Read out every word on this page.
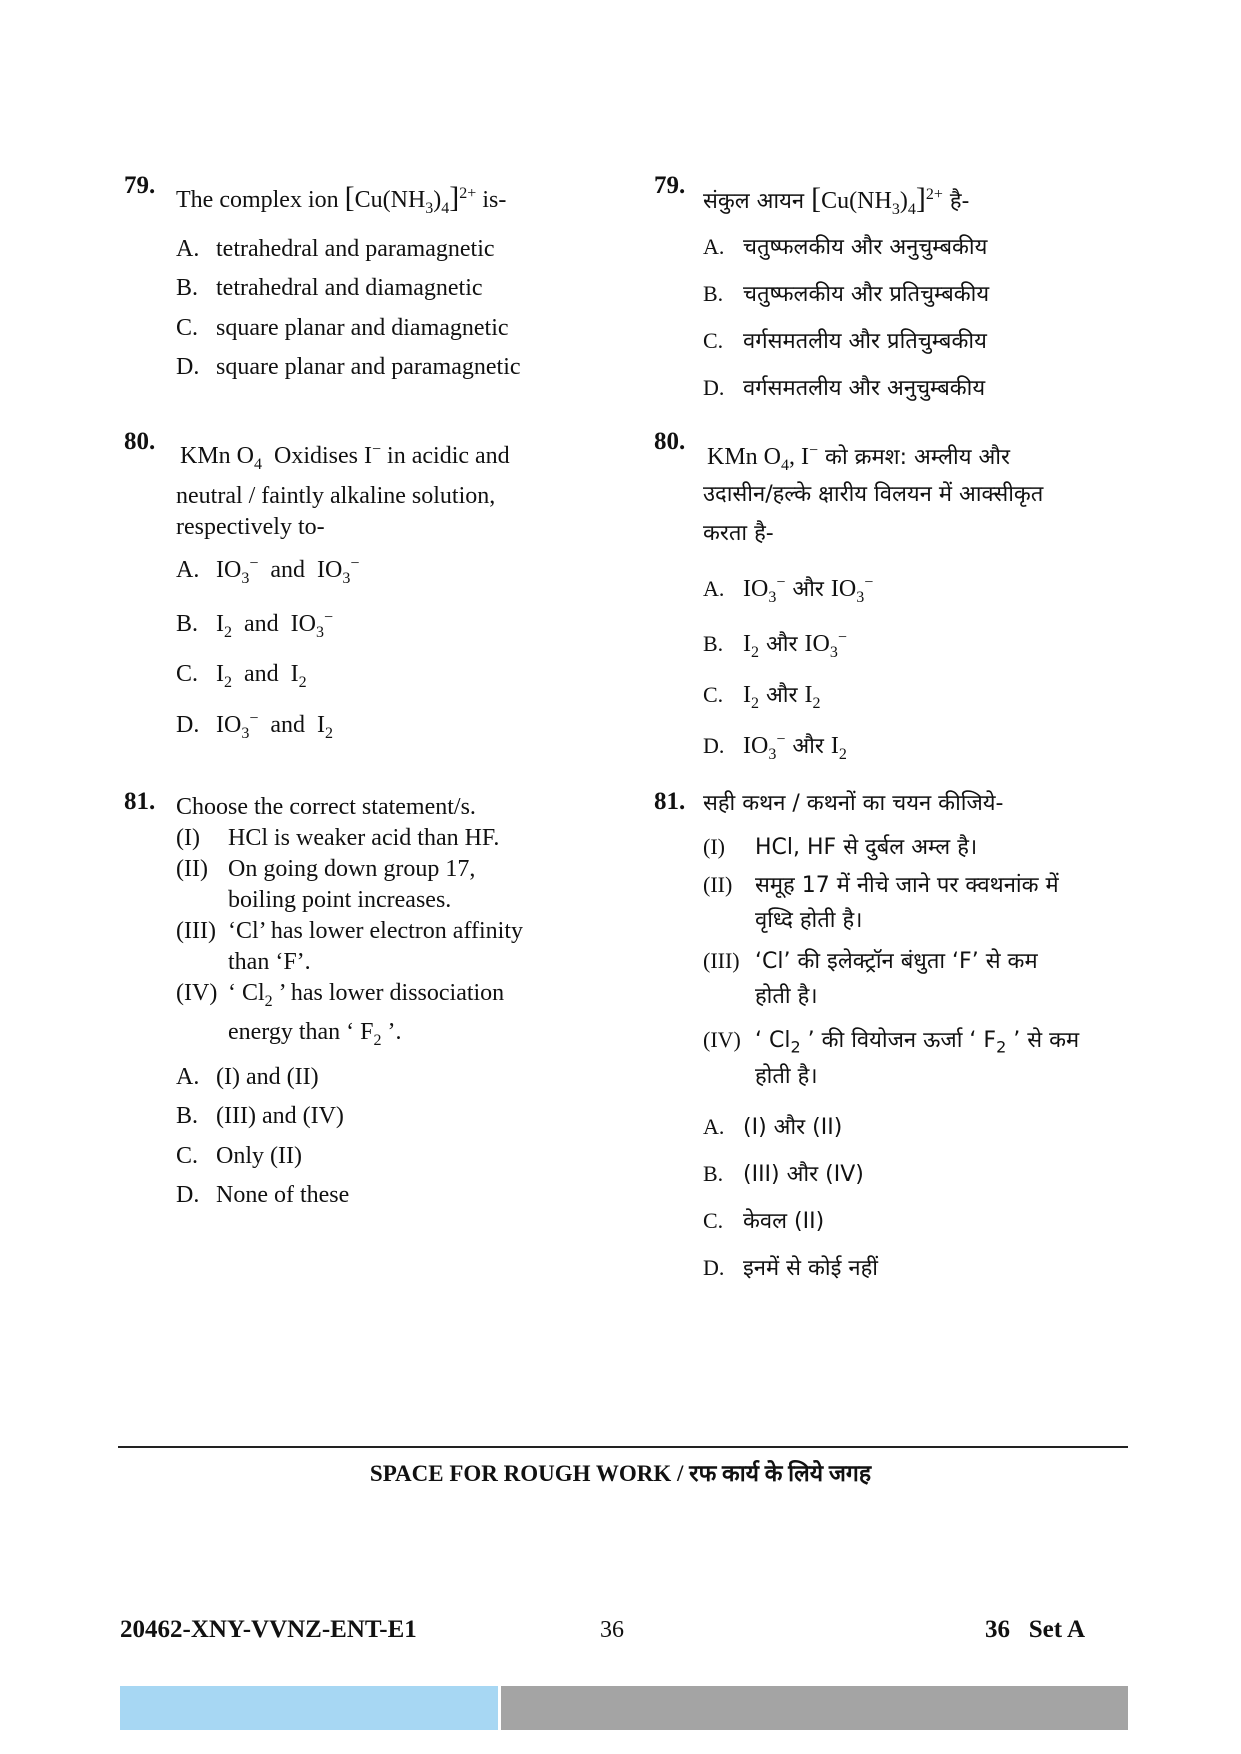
79.
The complex ion $[Cu(NH_3)_4]^{2+}$ is-
A. tetrahedral and paramagnetic
B. tetrahedral and diamagnetic
C. square planar and diamagnetic
D. square planar and paramagnetic
80.
KMn $O_4$  Oxidises I− in acidic and
neutral / faintly alkaline solution,
respectively to-
A. $IO_3^-$ and  $IO_3^-$
B. $I_2$ and  $IO_3^-$
C. $I_2$ and  $I_2$
D. $IO_3^-$ and  $I_2$
81. Choose the correct statement/s.
(I) HCl is weaker acid than HF.
(II) On going down group 17,
boiling point increases.
(III) ‘Cl’ has lower electron affinity
than ‘F’.
(IV) ‘ $Cl_2$ ’ has lower dissociation
energy than ‘ $F_2$ ’.
A. (I) and (II)
B. (III) and (IV)
C. Only (II)
D. None of these
79.
संकुल आयन $[Cu(NH_3)_4]^{2+}$ है-
A. चतुष्फलकीय और अनुचुम्बकीय
B. चतुष्फलकीय और प्रतिचुम्बकीय
C. वर्गसमतलीय और प्रतिचुम्बकीय
D. वर्गसमतलीय और अनुचुम्बकीय
80.
KMn $O_4$, I− को क्रमश: अम्लीय और
उदासीन/हल्के क्षारीय विलयन में आक्सीकृत
करता है-
A. $IO_3^-$ और $IO_3^-$
B. $I_2$ और $IO_3^-$
C. $I_2$ और $I_2$
D. $IO_3^-$ और $I_2$
81. सही कथन / कथनों का चयन कीजिये-
(I) HCl, HF से दुर्बल अम्ल है।
(II) समूह 17 में नीचे जाने पर क्वथनांक में
वृध्दि होती है।
(III) ‘Cl’ की इलेक्ट्रॉन बंधुता ‘F’ से कम
होती है।
(IV) ‘ $Cl_2$ ’ की वियोजन ऊर्जा ‘ $F_2$ ’ से कम
होती है।
A. (I) और (II)
B. (III) और (IV)
C. केवल (II)
D. इनमें से कोई नहीं
SPACE FOR ROUGH WORK / रफ कार्य के लिये जगह
20462-XNY-VVNZ-ENT-E1	36	36   Set A
